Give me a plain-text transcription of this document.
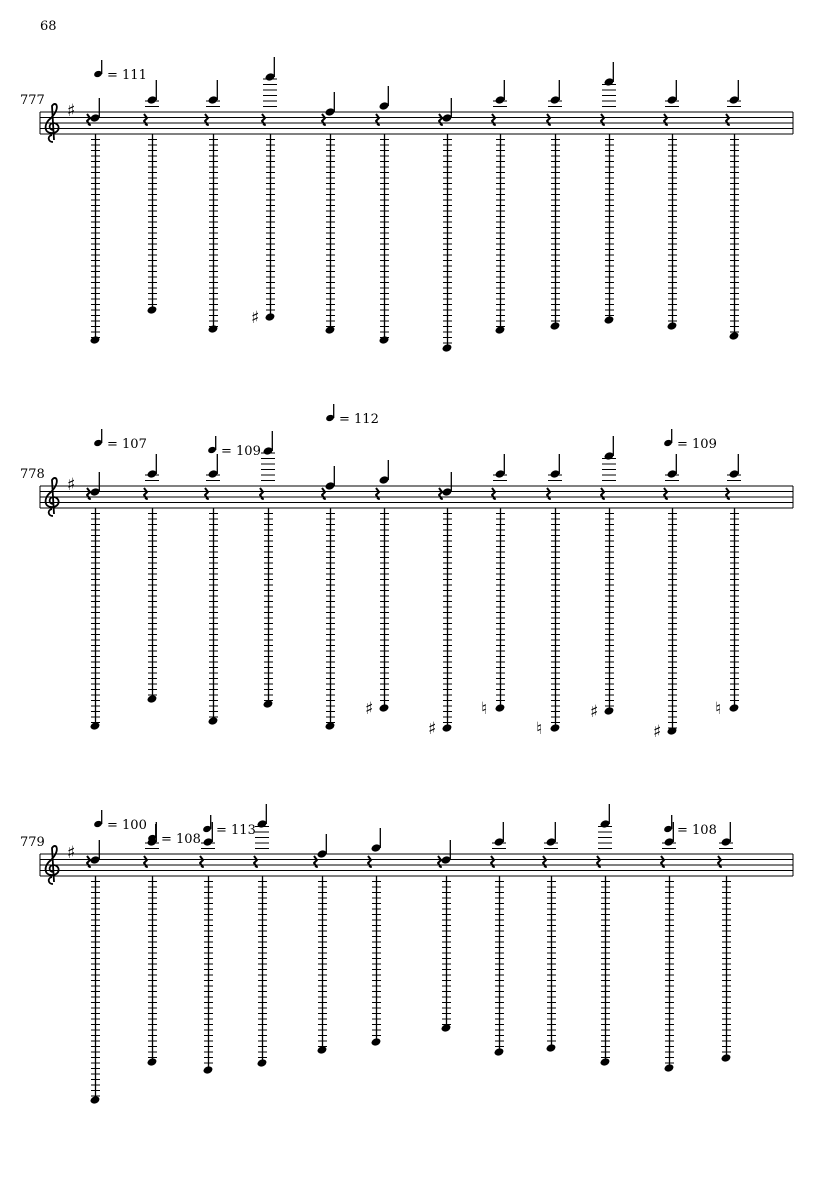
68
777
♯
♯
= 111
778
♯
♯
♯
♮
♮
♯
♯
♮
= 107	= 109
= 112
= 109
779
♯
= 100
= 108
= 113	= 108
